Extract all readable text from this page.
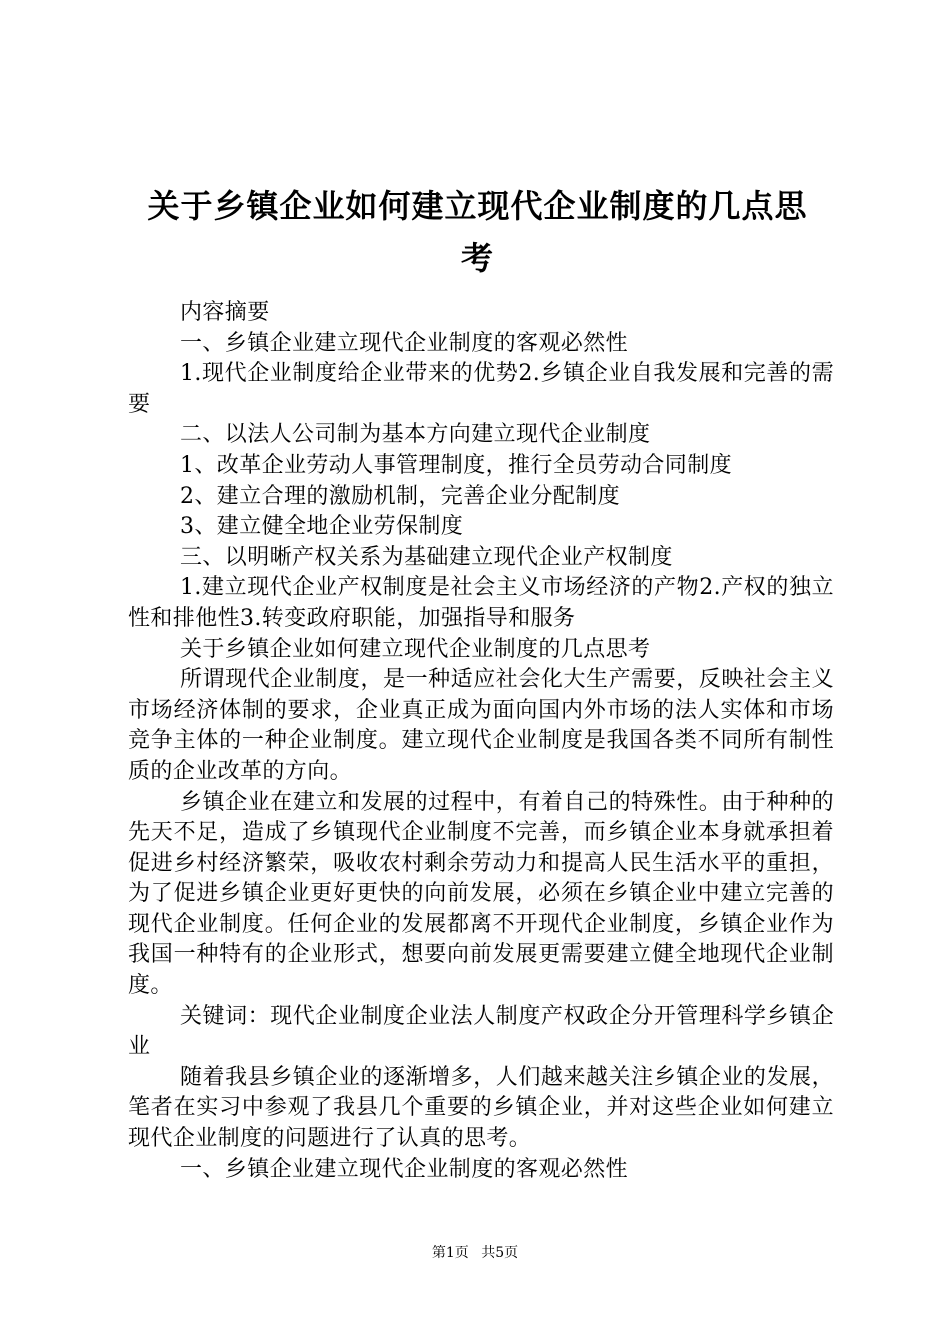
关于乡镇企业如何建立现代企业制度的几点思
考

内容摘要

一、乡镇企业建立现代企业制度的客观必然性

1.现代企业制度给企业带来的优势2.乡镇企业自我发展和完善的需要

二、以法人公司制为基本方向建立现代企业制度

1、改革企业劳动人事管理制度，推行全员劳动合同制度

2、建立合理的激励机制，完善企业分配制度

3、建立健全地企业劳保制度

三、以明晰产权关系为基础建立现代企业产权制度

1.建立现代企业产权制度是社会主义市场经济的产物2.产权的独立性和排他性3.转变政府职能，加强指导和服务

关于乡镇企业如何建立现代企业制度的几点思考

所谓现代企业制度，是一种适应社会化大生产需要，反映社会主义市场经济体制的要求，企业真正成为面向国内外市场的法人实体和市场竞争主体的一种企业制度。建立现代企业制度是我国各类不同所有制性质的企业改革的方向。

乡镇企业在建立和发展的过程中，有着自己的特殊性。由于种种的先天不足，造成了乡镇现代企业制度不完善，而乡镇企业本身就承担着促进乡村经济繁荣，吸收农村剩余劳动力和提高人民生活水平的重担，为了促进乡镇企业更好更快的向前发展，必须在乡镇企业中建立完善的现代企业制度。任何企业的发展都离不开现代企业制度，乡镇企业作为我国一种特有的企业形式，想要向前发展更需要建立健全地现代企业制度。

关键词：现代企业制度企业法人制度产权政企分开管理科学乡镇企业

随着我县乡镇企业的逐渐增多，人们越来越关注乡镇企业的发展，笔者在实习中参观了我县几个重要的乡镇企业，并对这些企业如何建立现代企业制度的问题进行了认真的思考。

一、乡镇企业建立现代企业制度的客观必然性

第1页 共5页
